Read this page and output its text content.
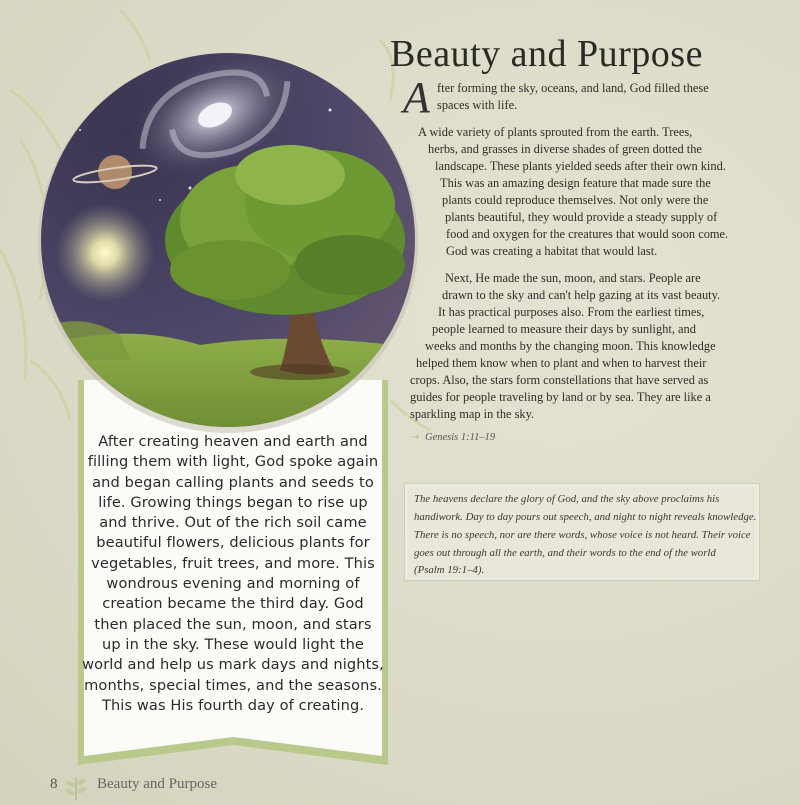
After creating heaven and earth and
filling them with light, God spoke again
and began calling plants and seeds to
life. Growing things began to rise up
and thrive. Out of the rich soil came
beautiful flowers, delicious plants for
vegetables, fruit trees, and more. This
wondrous evening and morning of
creation became the third day. God
then placed the sun, moon, and stars
up in the sky. These would light the
world and help us mark days and nights,
months, special times, and the seasons.
This was His fourth day of creating.
Beauty and Purpose
A fter forming the sky, oceans, and land, God filled these
spaces with life.
A wide variety of plants sprouted from the earth. Trees,
herbs, and grasses in diverse shades of green dotted the
landscape. These plants yielded seeds after their own kind.
This was an amazing design feature that made sure the
plants could reproduce themselves. Not only were the
plants beautiful, they would provide a steady supply of
food and oxygen for the creatures that would soon come.
God was creating a habitat that would last.
Next, He made the sun, moon, and stars. People are
drawn to the sky and can't help gazing at its vast beauty.
It has practical purposes also. From the earliest times,
people learned to measure their days by sunlight, and
weeks and months by the changing moon. This knowledge
helped them know when to plant and when to harvest their
crops. Also, the stars form constellations that have served as
guides for people traveling by land or by sea. They are like a
sparkling map in the sky.
➝ Genesis 1:11–19
The heavens declare the glory of God, and the sky above proclaims his
handiwork. Day to day pours out speech, and night to night reveals knowledge.
There is no speech, nor are there words, whose voice is not heard. Their voice
goes out through all the earth, and their words to the end of the world
(Psalm 19:1–4).
8	Beauty and Purpose
